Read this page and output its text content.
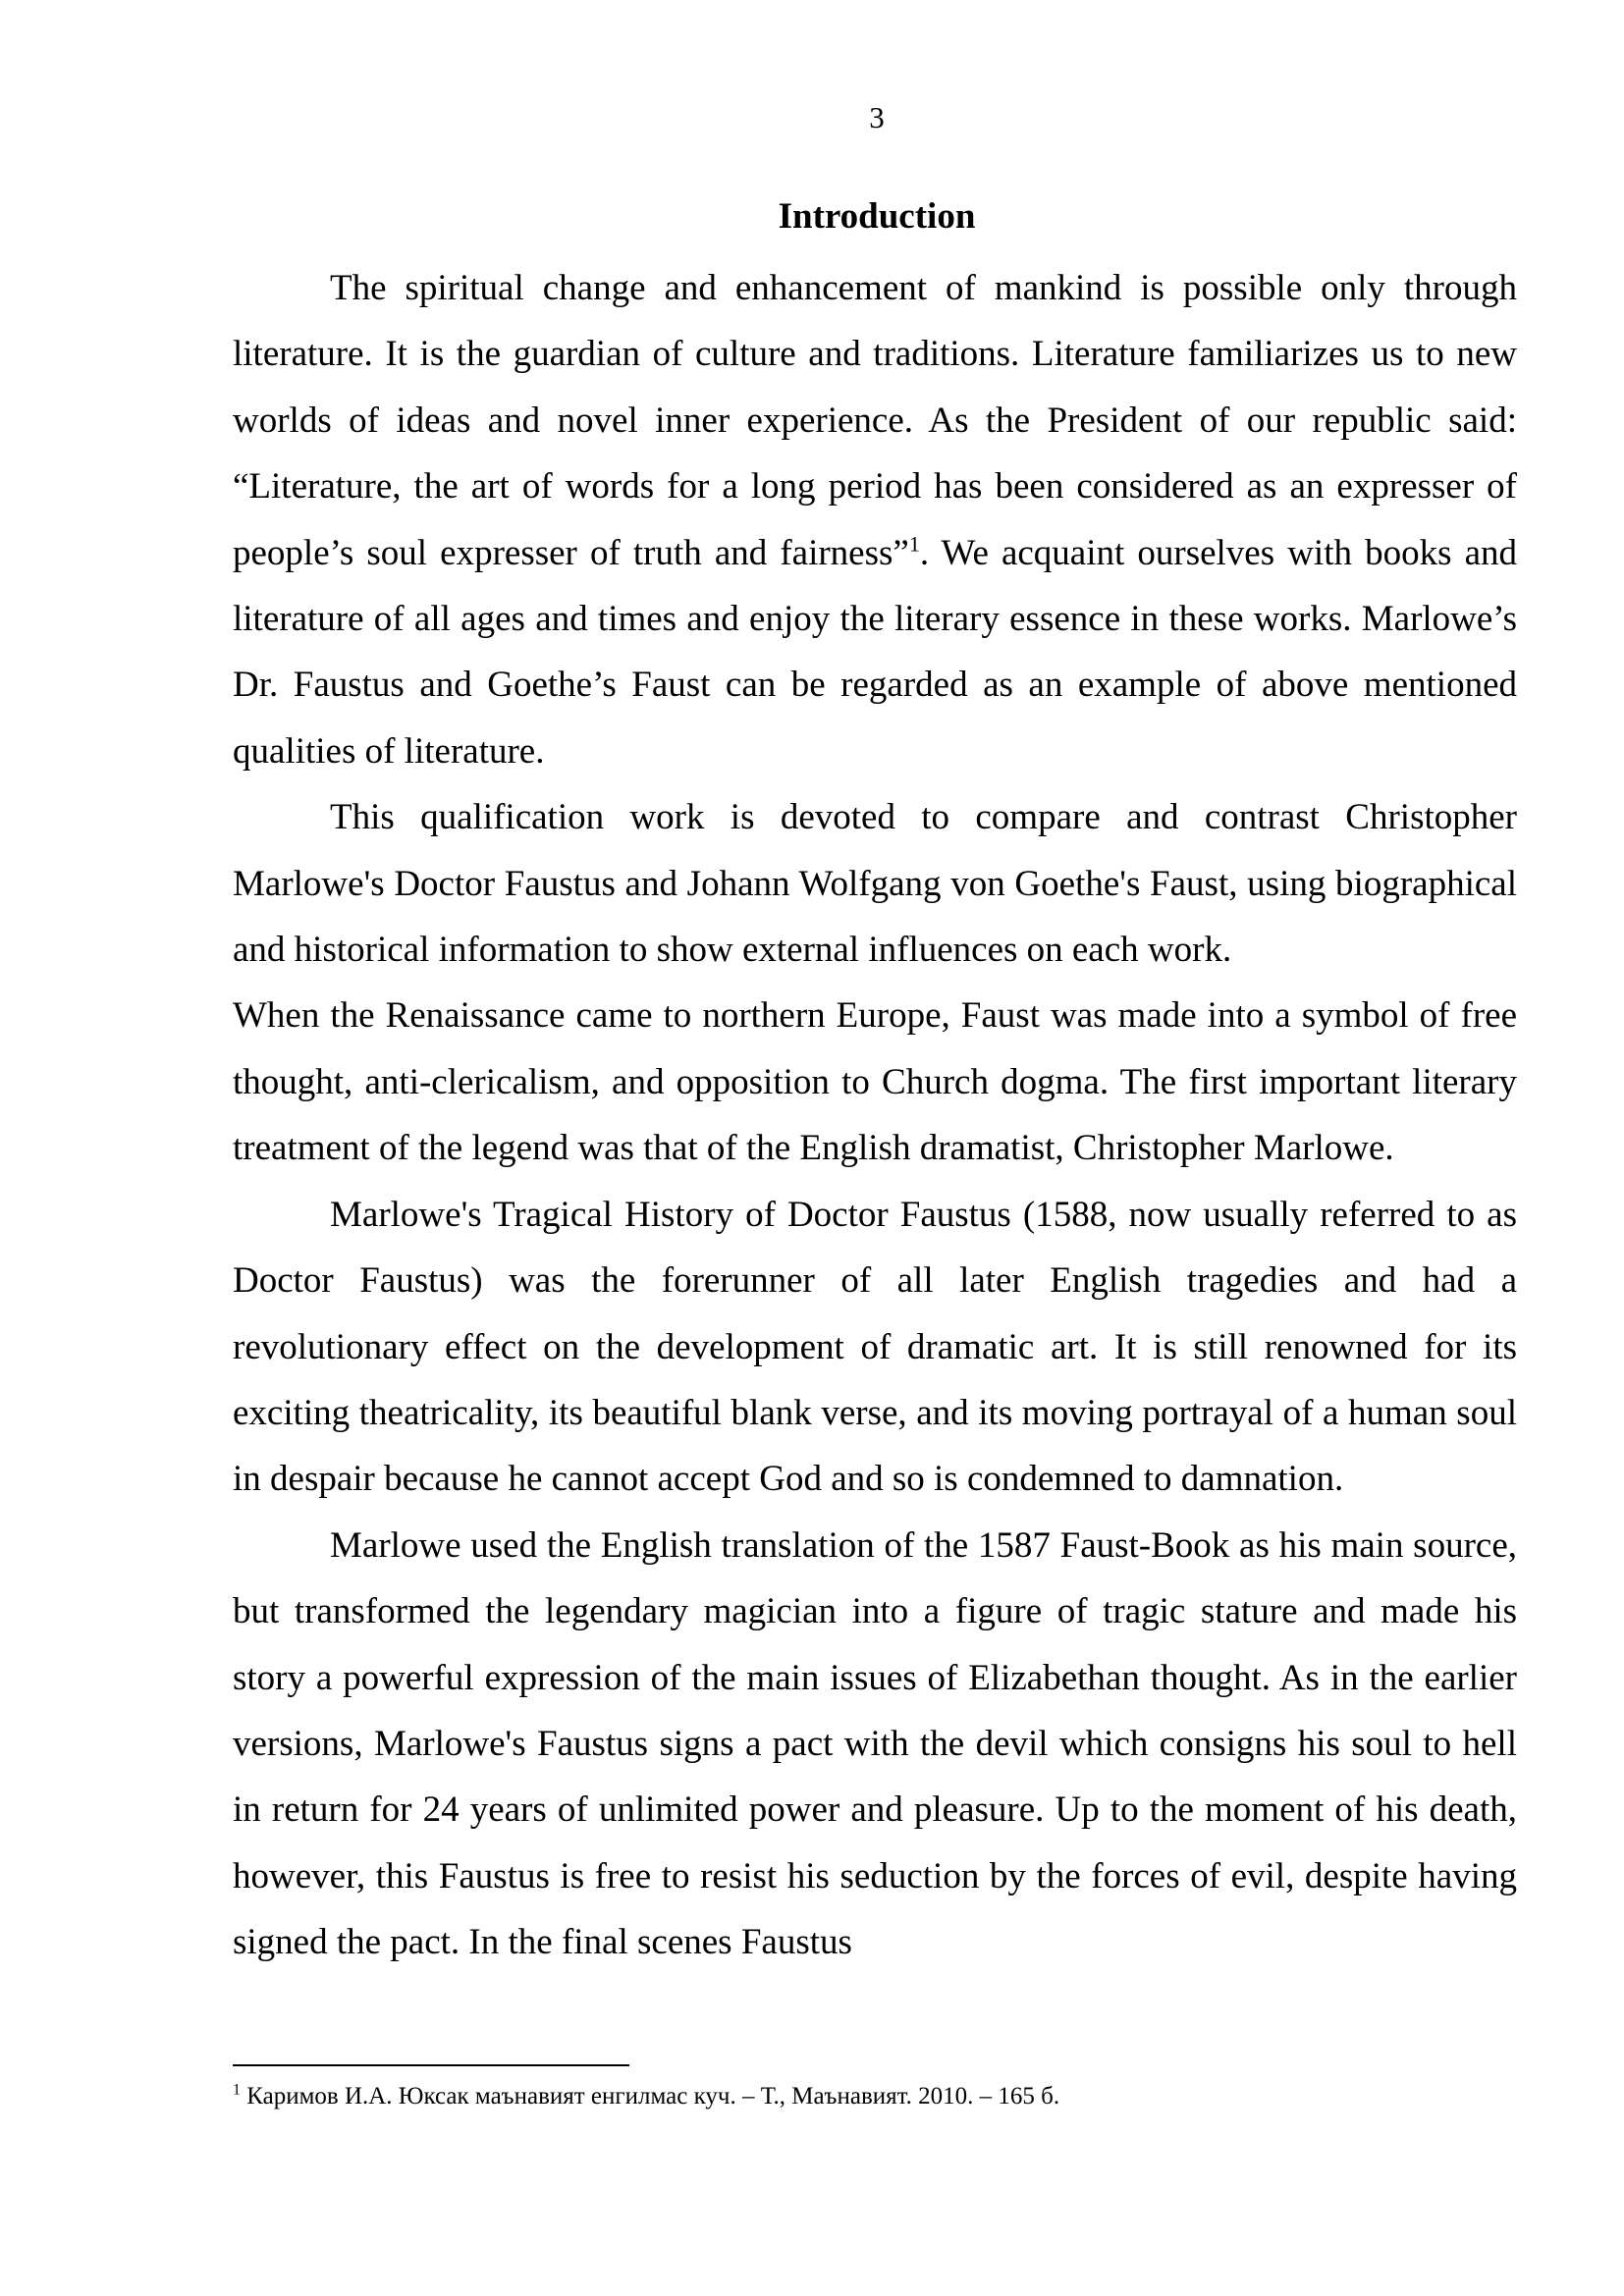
3
Introduction

The spiritual change and enhancement of mankind is possible only through literature. It is the guardian of culture and traditions. Literature familiarizes us to new worlds of ideas and novel inner experience. As the President of our republic said: “Literature, the art of words for a long period has been considered as an expresser of people’s soul expresser of truth and fairness”$^1$. We acquaint ourselves with books and literature of all ages and times and enjoy the literary essence in these works. Marlowe’s Dr. Faustus and Goethe’s Faust can be regarded as an example of above mentioned qualities of literature.

This qualification work is devoted to compare and contrast Christopher Marlowe's Doctor Faustus and Johann Wolfgang von Goethe's Faust, using biographical and historical information to show external influences on each work.

When the Renaissance came to northern Europe, Faust was made into a symbol of free thought, anti-clericalism, and opposition to Church dogma. The first important literary treatment of the legend was that of the English dramatist, Christopher Marlowe.

Marlowe's Tragical History of Doctor Faustus (1588, now usually referred to as Doctor Faustus) was the forerunner of all later English tragedies and had a revolutionary effect on the development of dramatic art. It is still renowned for its exciting theatricality, its beautiful blank verse, and its moving portrayal of a human soul in despair because he cannot accept God and so is condemned to damnation.

Marlowe used the English translation of the 1587 Faust-Book as his main source, but transformed the legendary magician into a figure of tragic stature and made his story a powerful expression of the main issues of Elizabethan thought. As in the earlier versions, Marlowe's Faustus signs a pact with the devil which consigns his soul to hell in return for 24 years of unlimited power and pleasure. Up to the moment of his death, however, this Faustus is free to resist his seduction by the forces of evil, despite having signed the pact. In the final scenes Faustus

$^1$ Каримов И.А. Юксак маънавият енгилмас куч. – Т., Маънавият. 2010. – 165 б.
